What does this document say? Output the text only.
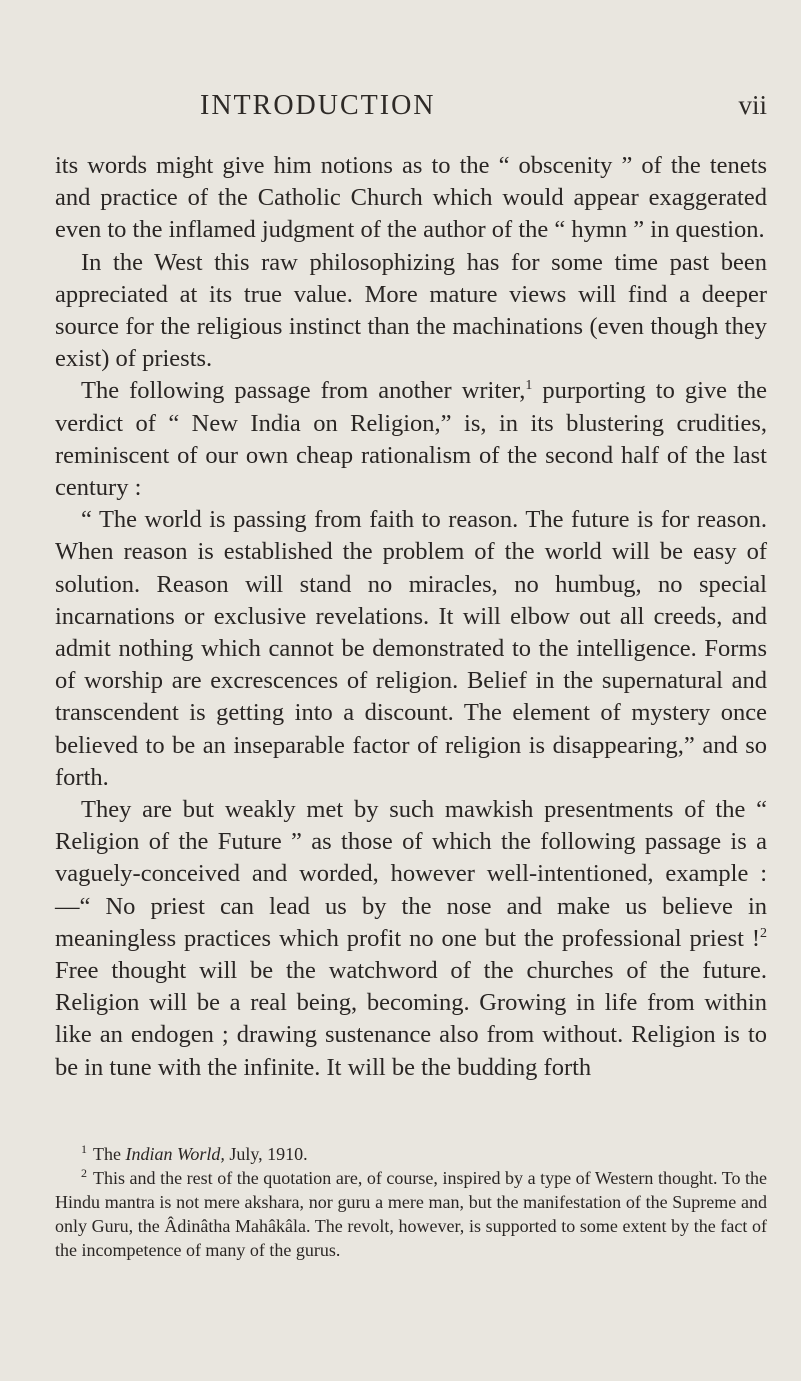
INTRODUCTION	vii

its words might give him notions as to the “ obscenity ” of the tenets and practice of the Catholic Church which would appear exaggerated even to the inflamed judgment of the author of the “ hymn ” in question.

In the West this raw philosophizing has for some time past been appreciated at its true value. More mature views will find a deeper source for the religious instinct than the machinations (even though they exist) of priests.

The following passage from another writer,$^1$ purporting to give the verdict of “ New India on Religion,” is, in its blustering crudities, reminiscent of our own cheap rationalism of the second half of the last century :

“ The world is passing from faith to reason. The future is for reason. When reason is established the problem of the world will be easy of solution. Reason will stand no miracles, no humbug, no special incarnations or exclusive revelations. It will elbow out all creeds, and admit nothing which cannot be demonstrated to the intelligence. Forms of worship are excrescences of religion. Belief in the supernatural and transcendent is getting into a discount. The element of mystery once believed to be an inseparable factor of religion is disappearing,” and so forth.

They are but weakly met by such mawkish presentments of the “ Religion of the Future ” as those of which the following passage is a vaguely-conceived and worded, however well-intentioned, example :—“ No priest can lead us by the nose and make us believe in meaningless practices which profit no one but the professional priest !$^2$ Free thought will be the watchword of the churches of the future. Religion will be a real being, becoming. Growing in life from within like an endogen ; drawing sustenance also from without. Religion is to be in tune with the infinite. It will be the budding forth

$^1$ The Indian World, July, 1910.

$^2$ This and the rest of the quotation are, of course, inspired by a type of Western thought. To the Hindu mantra is not mere akshara, nor guru a mere man, but the manifestation of the Supreme and only Guru, the Âdinâtha Mahâkâla. The revolt, however, is supported to some extent by the fact of the incompetence of many of the gurus.
